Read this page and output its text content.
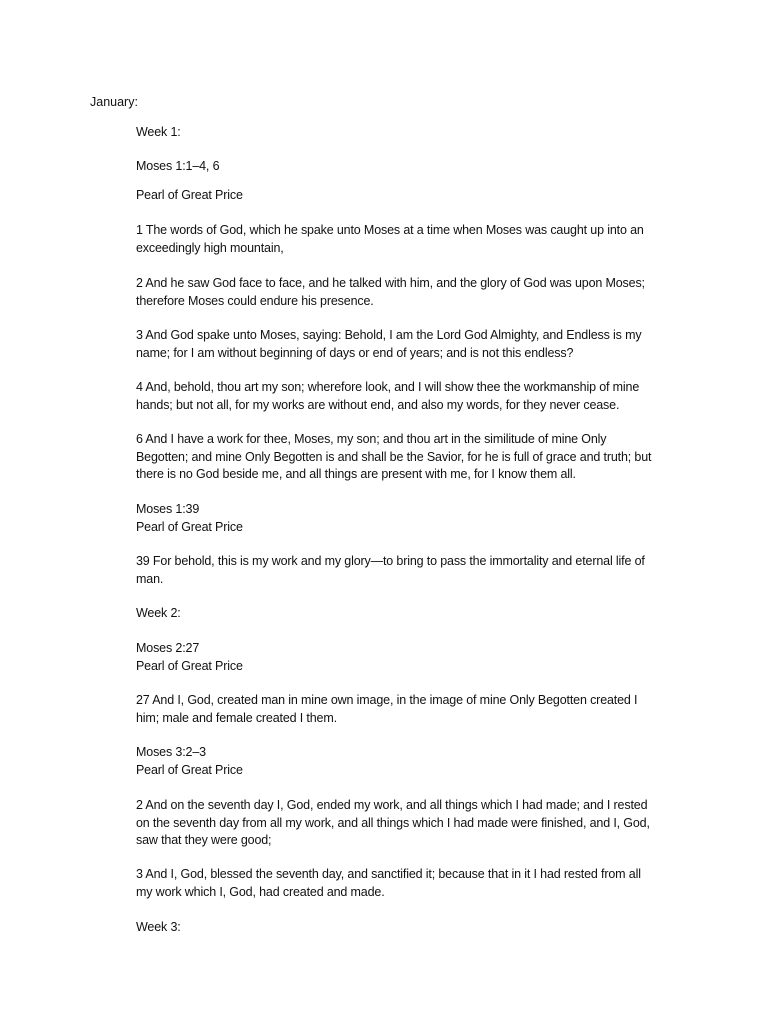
January:

Week 1:

Moses 1:1–4, 6

Pearl of Great Price

1 The words of God, which he spake unto Moses at a time when Moses was caught up into an
exceedingly high mountain,

2 And he saw God face to face, and he talked with him, and the glory of God was upon Moses;
therefore Moses could endure his presence.

3 And God spake unto Moses, saying: Behold, I am the Lord God Almighty, and Endless is my
name; for I am without beginning of days or end of years; and is not this endless?

4 And, behold, thou art my son; wherefore look, and I will show thee the workmanship of mine
hands; but not all, for my works are without end, and also my words, for they never cease.

6 And I have a work for thee, Moses, my son; and thou art in the similitude of mine Only
Begotten; and mine Only Begotten is and shall be the Savior, for he is full of grace and truth; but
there is no God beside me, and all things are present with me, for I know them all.

Moses 1:39
Pearl of Great Price

39 For behold, this is my work and my glory—to bring to pass the immortality and eternal life of
man.

Week 2:

Moses 2:27
Pearl of Great Price

27 And I, God, created man in mine own image, in the image of mine Only Begotten created I
him; male and female created I them.

Moses 3:2–3
Pearl of Great Price

2 And on the seventh day I, God, ended my work, and all things which I had made; and I rested
on the seventh day from all my work, and all things which I had made were finished, and I, God,
saw that they were good;

3 And I, God, blessed the seventh day, and sanctified it; because that in it I had rested from all
my work which I, God, had created and made.

Week 3:
